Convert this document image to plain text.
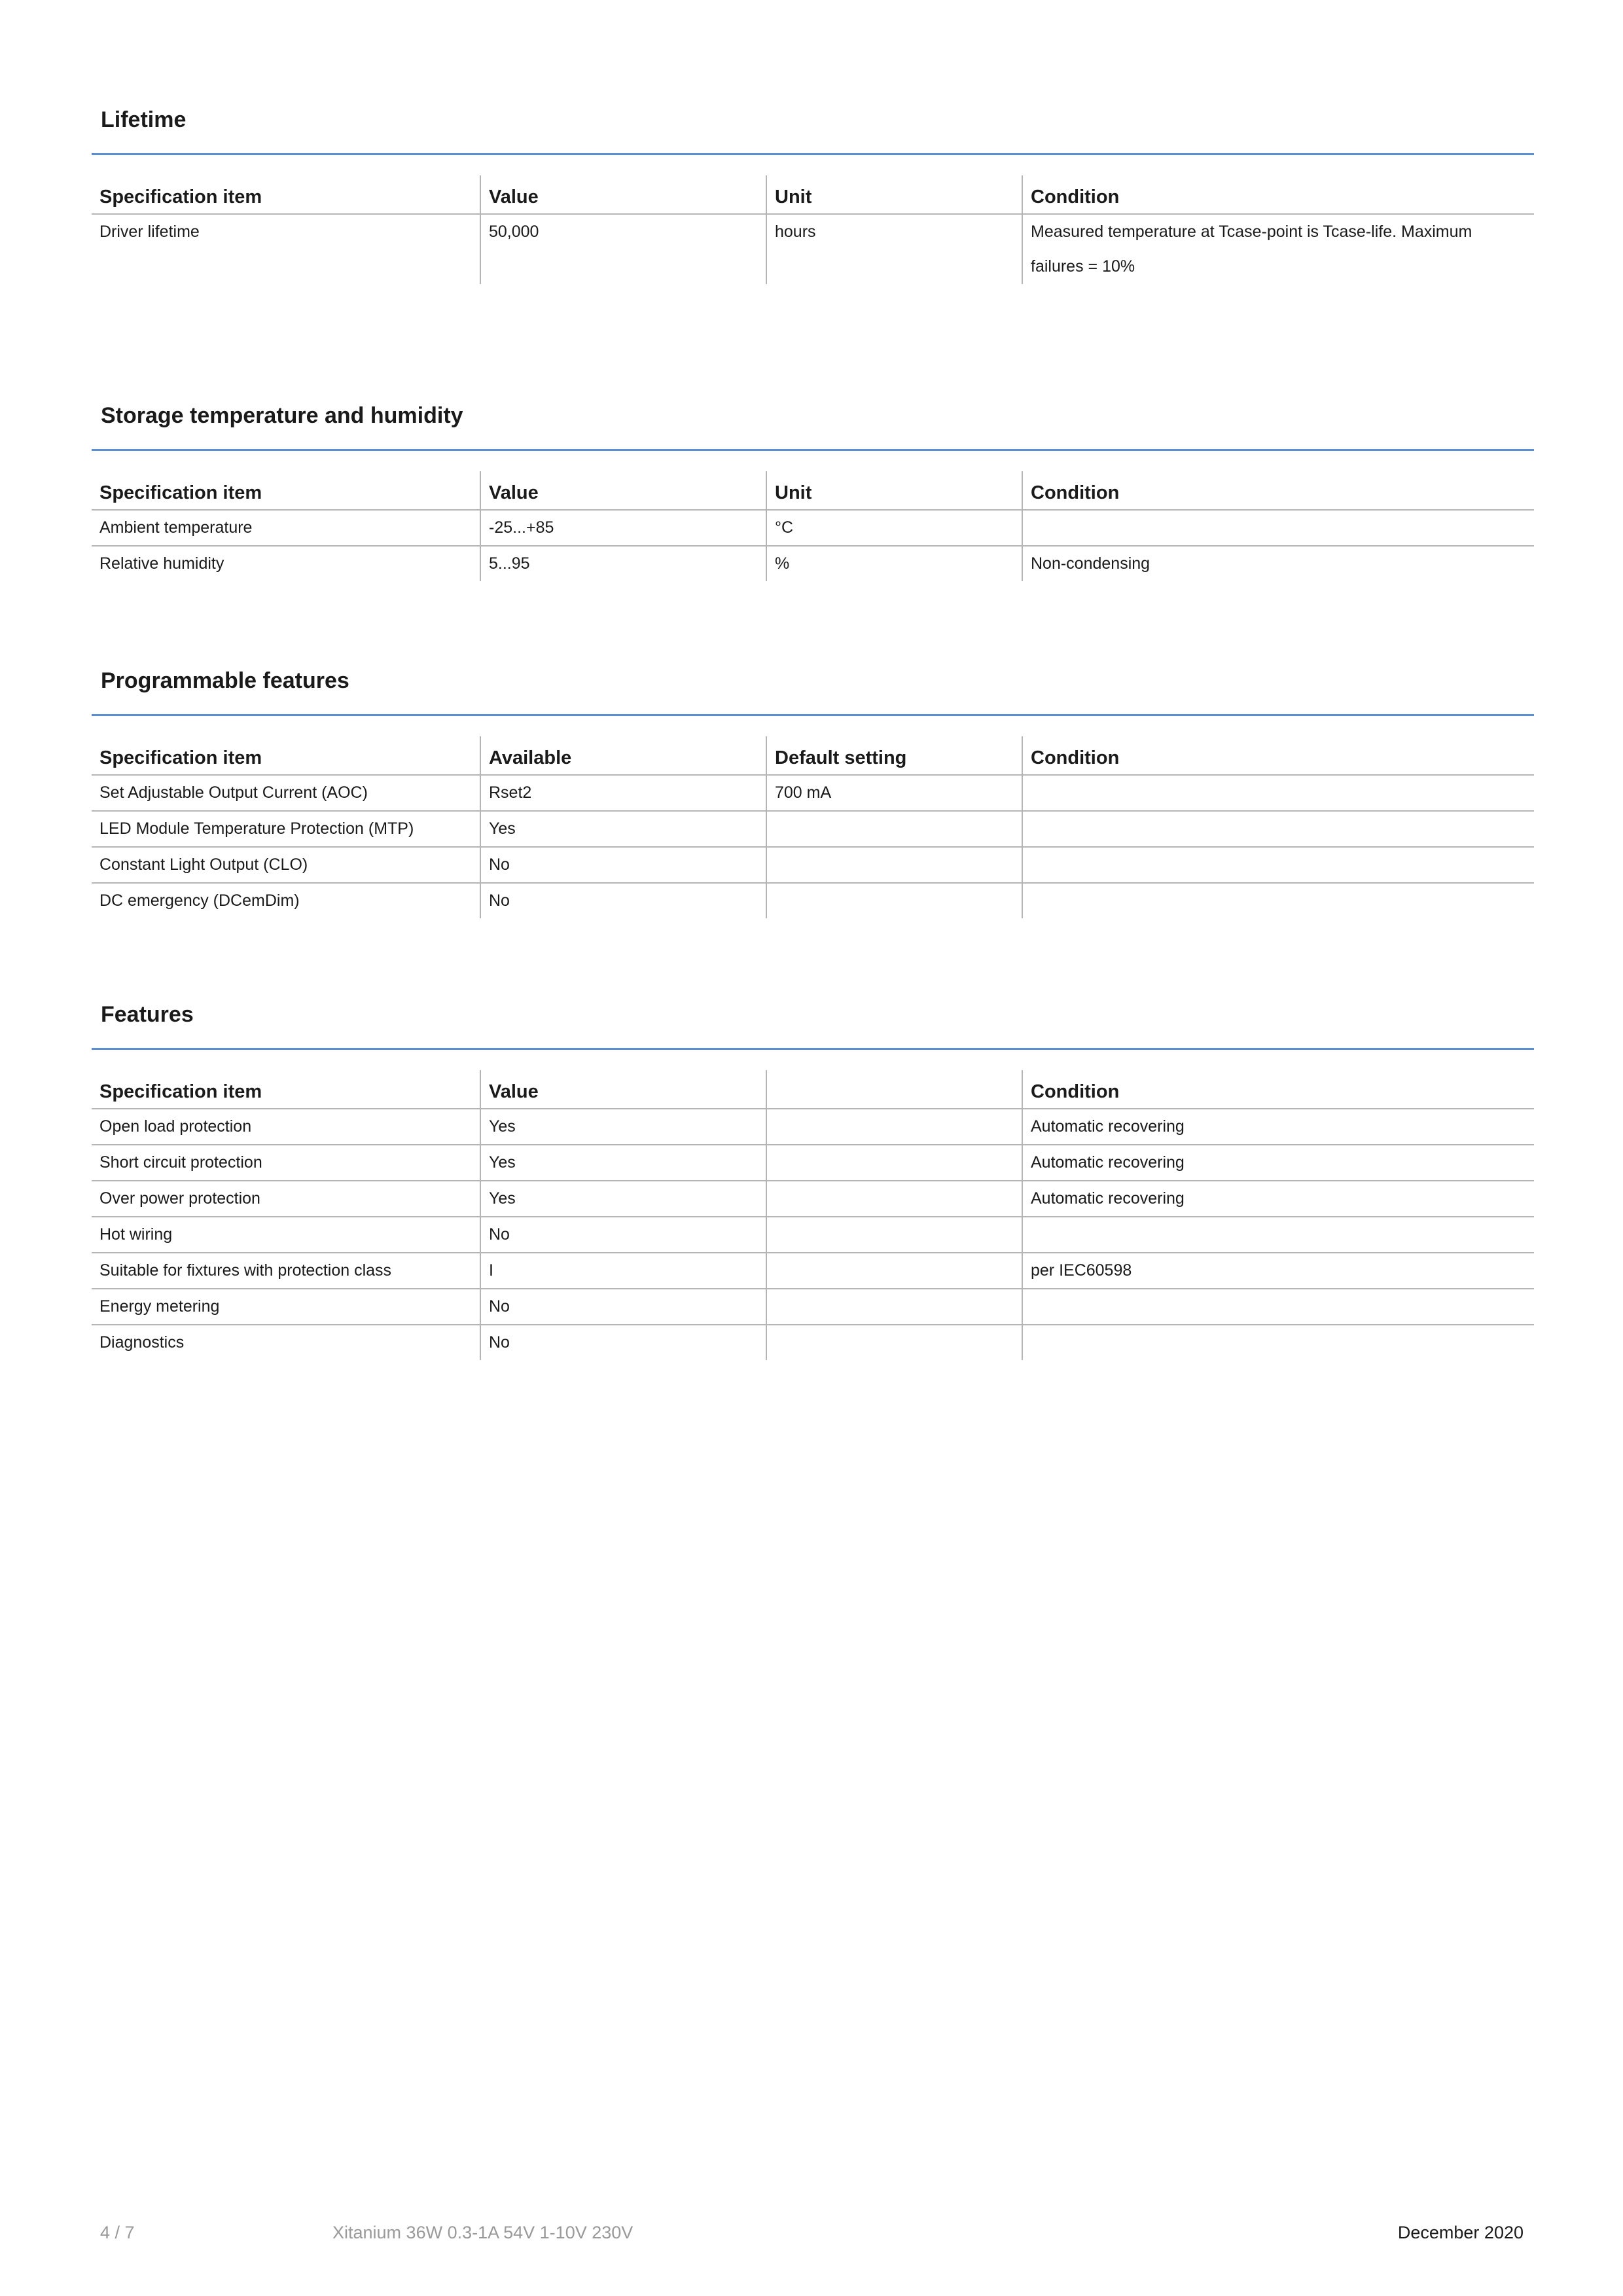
Lifetime
Specification item	Value	Unit	Condition
Driver lifetime	50,000	hours	Measured temperature at Tcase-point is Tcase-life. Maximum failures = 10%
Storage temperature and humidity
Specification item	Value	Unit	Condition
Ambient temperature	-25...+85	°C	
Relative humidity	5...95	%	Non-condensing
Programmable features
Specification item	Available	Default setting	Condition
Set Adjustable Output Current (AOC)	Rset2	700 mA	
LED Module Temperature Protection (MTP)	Yes		
Constant Light Output (CLO)	No		
DC emergency (DCemDim)	No		
Features
Specification item	Value		Condition
Open load protection	Yes		Automatic recovering
Short circuit protection	Yes		Automatic recovering
Over power protection	Yes		Automatic recovering
Hot wiring	No		
Suitable for fixtures with protection class	I		per IEC60598
Energy metering	No		
Diagnostics	No		
4 / 7	Xitanium 36W 0.3-1A 54V 1-10V 230V	December 2020
